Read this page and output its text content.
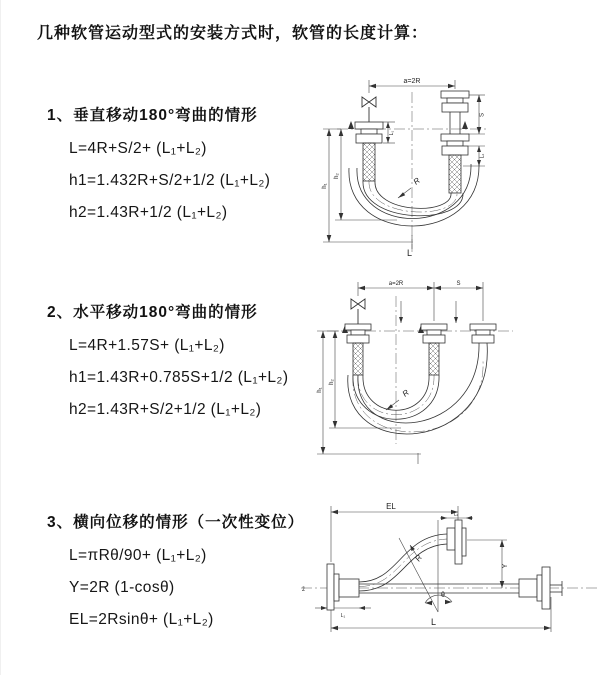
几种软管运动型式的安装方式时，软管的长度计算：
1、垂直移动180°弯曲的情形

L=4R+S/2+ (L₁+L₂)

h1=1.432R+S/2+1/2 (L₁+L₂)

h2=1.43R+1/2 (L₁+L₂)

2、水平移动180°弯曲的情形

L=4R+1.57S+ (L₁+L₂)

h1=1.43R+0.785S+1/2 (L₁+L₂)

h2=1.43R+S/2+1/2 (L₁+L₂)

3、横向位移的情形（一次性变位）

L=πRθ/90+ (L₁+L₂)

Y=2R (1-cosθ)

EL=2Rsinθ+ (L₁+L₂)

a=2R
h₁
h₂
L₁
S
L₂
R
L
a=2R	S
h₁
h₂
R
EL
L₂
Y
L
L₁
R
θ
z̄
